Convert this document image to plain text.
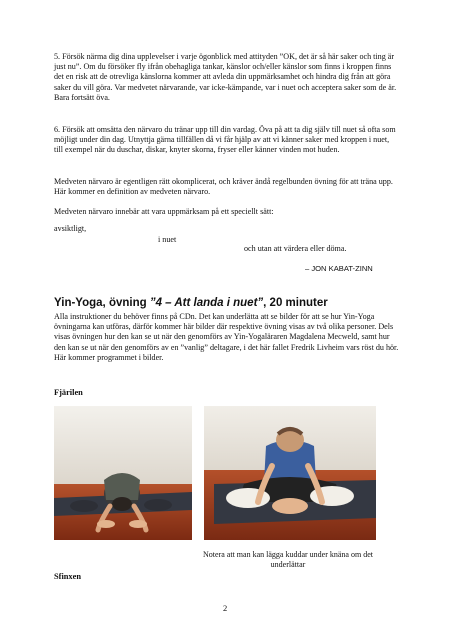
5. Försök närma dig dina upplevelser i varje ögonblick med attityden ”OK, det är så här saker och ting är just nu”. Om du försöker fly ifrån obehagliga tankar, känslor och/eller känslor som finns i kroppen finns det en risk att de otrevliga känslorna kommer att avleda din uppmärksamhet och hindra dig från att göra saker du vill göra. Var medvetet närvarande, var icke-kämpande, var i nuet och acceptera saker som de är. Bara fortsätt öva.

6. Försök att omsätta den närvaro du tränar upp till din vardag. Öva på att ta dig själv till nuet så ofta som möjligt under din dag. Utnyttja gärna tillfällen då vi får hjälp av att vi känner saker med kroppen i nuet, till exempel när du duschar, diskar, knyter skorna, fryser eller känner vinden mot huden.

Medveten närvaro är egentligen rätt okomplicerat, och kräver ändå regelbunden övning för att träna upp. Här kommer en definition av medveten närvaro.

Medveten närvaro innebär att vara uppmärksam på ett speciellt sätt:

avsiktligt,

i nuet

och utan att värdera eller döma.

– JON KABAT-ZINN

Yin-Yoga, övning ”4 – Att landa i nuet”, 20 minuter

Alla instruktioner du behöver finns på CDn. Det kan underlätta att se bilder för att se hur Yin-Yoga övningarna kan utföras, därför kommer här bilder där respektive övning visas av två olika personer. Dels visas övningen hur den kan se ut när den genomförs av Yin-Yogaläraren Magdalena Mecweld, samt hur den kan se ut när den genomförs av en ”vanlig” deltagare, i det här fallet Fredrik Livheim vars röst du hör. Här kommer programmet i bilder.

Fjärilen

Notera att man kan lägga kuddar under knäna om det underlättar

Sfinxen

2
